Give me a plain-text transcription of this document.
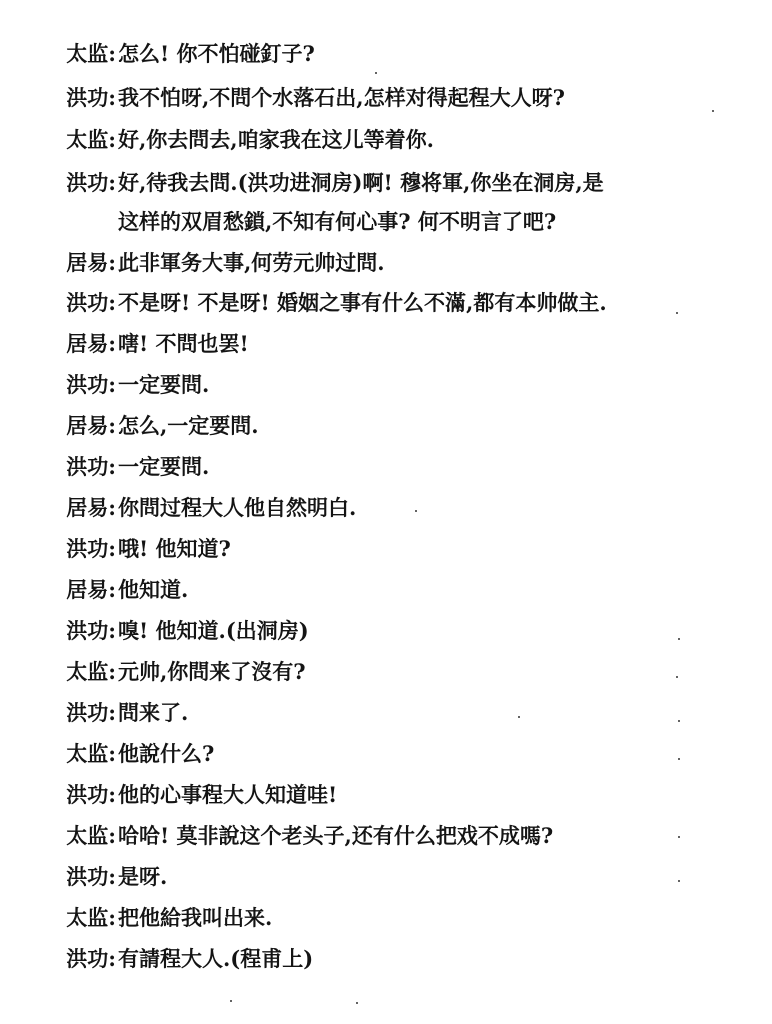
太监:怎么! 你不怕碰釘子?
洪功:我不怕呀,不問个水落石出,怎样对得起程大人呀?
太监:好,你去問去,咱家我在这儿等着你.
洪功:好,待我去問.(洪功进洞房)啊! 穆将軍,你坐在洞房,是
这样的双眉愁鎖,不知有何心事? 何不明言了吧?
居易:此非軍务大事,何劳元帅过問.
洪功:不是呀! 不是呀! 婚姻之事有什么不滿,都有本帅做主.
居易:嗐! 不問也罢!
洪功:一定要問.
居易:怎么,一定要問.
洪功:一定要問.
居易:你問过程大人他自然明白.
洪功:哦! 他知道?
居易:他知道.
洪功:嗅! 他知道.(出洞房)
太监:元帅,你問来了沒有?
洪功:問来了.
太监:他說什么?
洪功:他的心事程大人知道哇!
太监:哈哈! 莫非說这个老头子,还有什么把戏不成嗎?
洪功:是呀.
太监:把他給我叫出来.
洪功:有請程大人.(程甫上)
